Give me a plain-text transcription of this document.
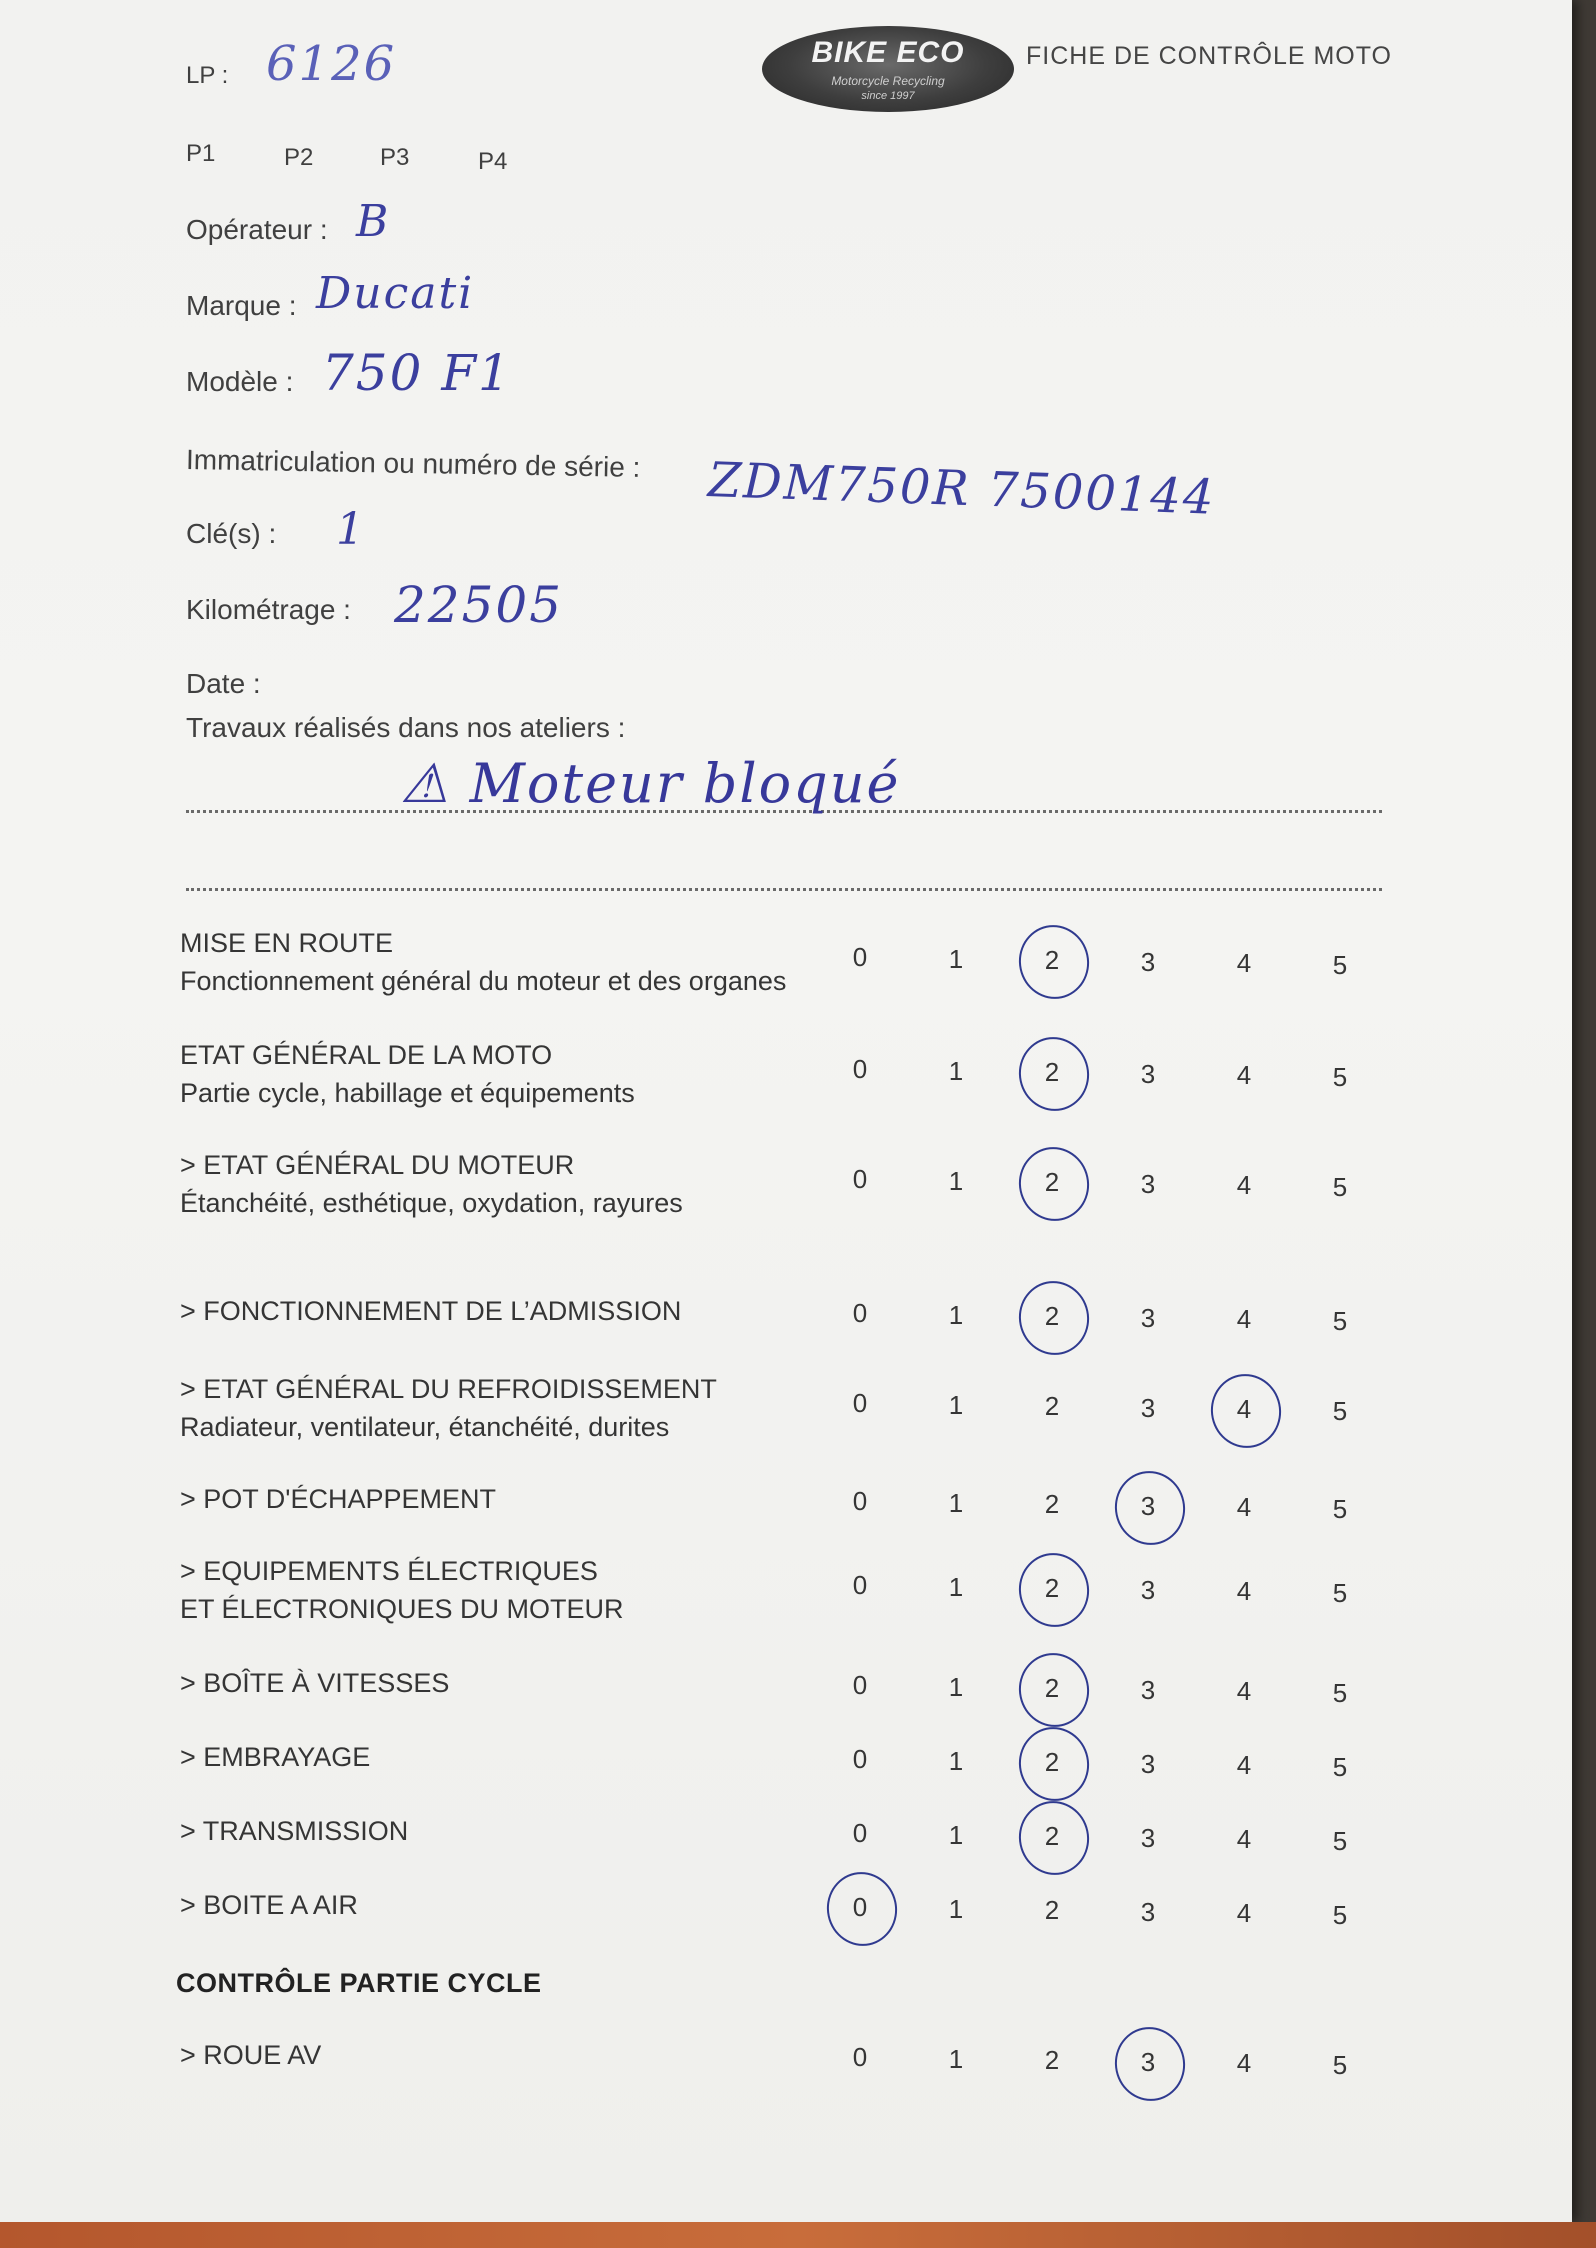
BIKE ECO
Motorcycle Recycling
since 1997
FICHE DE CONTRÔLE MOTO
LP : 6126
P1	P2	P3	P4
Opérateur : B
Marque : Ducati
Modèle : 750 F1
Immatriculation ou numéro de série : ZDM750R 7500144
Clé(s) : 1
Kilométrage : 22505
Date :
Travaux réalisés dans nos ateliers :
⚠ Moteur bloqué
MISE EN ROUTE
Fonctionnement général du moteur et des organes
0	1	2	3	4	5
ETAT GÉNÉRAL DE LA MOTO
Partie cycle, habillage et équipements
0	1	2	3	4	5
> ETAT GÉNÉRAL DU MOTEUR
Étanchéité, esthétique, oxydation, rayures
0	1	2	3	4	5
> FONCTIONNEMENT DE L’ADMISSION	0	1	2	3	4	5
> ETAT GÉNÉRAL DU REFROIDISSEMENT
Radiateur, ventilateur, étanchéité, durites
0	1	2	3	4	5
> POT D'ÉCHAPPEMENT	0	1	2	3	4	5
> EQUIPEMENTS ÉLECTRIQUES
ET ÉLECTRONIQUES DU MOTEUR
0	1	2	3	4	5
> BOÎTE À VITESSES	0	1	2	3	4	5
> EMBRAYAGE	0	1	2	3	4	5
> TRANSMISSION	0	1	2	3	4	5
> BOITE A AIR	0	1	2	3	4	5
CONTRÔLE PARTIE CYCLE
> ROUE AV	0	1	2	3	4	5
